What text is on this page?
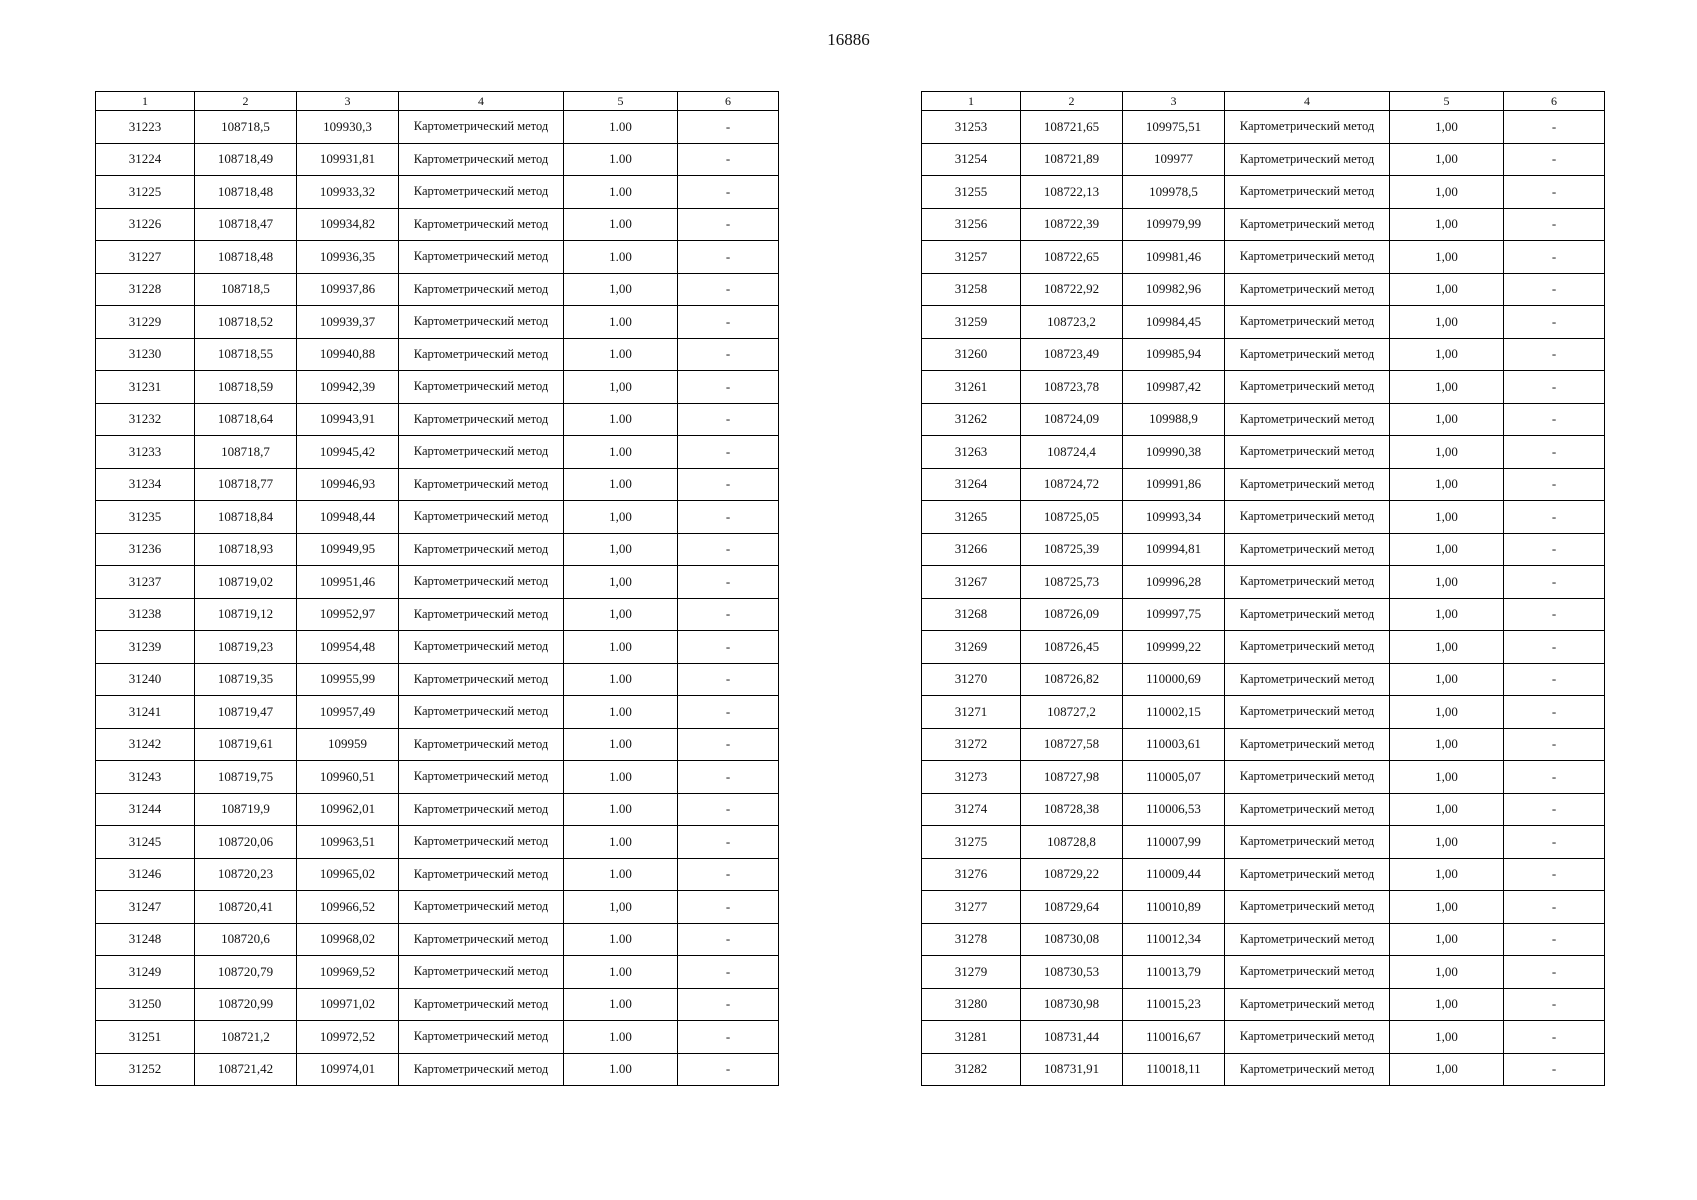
16886
1	2	3	4	5	6
31223	108718,5	109930,3	Картометрический метод	1.00	-
31224	108718,49	109931,81	Картометрический метод	1.00	-
31225	108718,48	109933,32	Картометрический метод	1.00	-
31226	108718,47	109934,82	Картометрический метод	1.00	-
31227	108718,48	109936,35	Картометрический метод	1.00	-
31228	108718,5	109937,86	Картометрический метод	1,00	-
31229	108718,52	109939,37	Картометрический метод	1.00	-
31230	108718,55	109940,88	Картометрический метод	1.00	-
31231	108718,59	109942,39	Картометрический метод	1,00	-
31232	108718,64	109943,91	Картометрический метод	1.00	-
31233	108718,7	109945,42	Картометрический метод	1.00	-
31234	108718,77	109946,93	Картометрический метод	1.00	-
31235	108718,84	109948,44	Картометрический метод	1,00	-
31236	108718,93	109949,95	Картометрический метод	1,00	-
31237	108719,02	109951,46	Картометрический метод	1,00	-
31238	108719,12	109952,97	Картометрический метод	1,00	-
31239	108719,23	109954,48	Картометрический метод	1.00	-
31240	108719,35	109955,99	Картометрический метод	1.00	-
31241	108719,47	109957,49	Картометрический метод	1.00	-
31242	108719,61	109959	Картометрический метод	1.00	-
31243	108719,75	109960,51	Картометрический метод	1.00	-
31244	108719,9	109962,01	Картометрический метод	1.00	-
31245	108720,06	109963,51	Картометрический метод	1.00	-
31246	108720,23	109965,02	Картометрический метод	1.00	-
31247	108720,41	109966,52	Картометрический метод	1,00	-
31248	108720,6	109968,02	Картометрический метод	1.00	-
31249	108720,79	109969,52	Картометрический метод	1.00	-
31250	108720,99	109971,02	Картометрический метод	1.00	-
31251	108721,2	109972,52	Картометрический метод	1.00	-
31252	108721,42	109974,01	Картометрический метод	1.00	-
1	2	3	4	5	6
31253	108721,65	109975,51	Картометрический метод	1,00	-
31254	108721,89	109977	Картометрический метод	1,00	-
31255	108722,13	109978,5	Картометрический метод	1,00	-
31256	108722,39	109979,99	Картометрический метод	1,00	-
31257	108722,65	109981,46	Картометрический метод	1,00	-
31258	108722,92	109982,96	Картометрический метод	1,00	-
31259	108723,2	109984,45	Картометрический метод	1,00	-
31260	108723,49	109985,94	Картометрический метод	1,00	-
31261	108723,78	109987,42	Картометрический метод	1,00	-
31262	108724,09	109988,9	Картометрический метод	1,00	-
31263	108724,4	109990,38	Картометрический метод	1,00	-
31264	108724,72	109991,86	Картометрический метод	1,00	-
31265	108725,05	109993,34	Картометрический метод	1,00	-
31266	108725,39	109994,81	Картометрический метод	1,00	-
31267	108725,73	109996,28	Картометрический метод	1,00	-
31268	108726,09	109997,75	Картометрический метод	1,00	-
31269	108726,45	109999,22	Картометрический метод	1,00	-
31270	108726,82	110000,69	Картометрический метод	1,00	-
31271	108727,2	110002,15	Картометрический метод	1,00	-
31272	108727,58	110003,61	Картометрический метод	1,00	-
31273	108727,98	110005,07	Картометрический метод	1,00	-
31274	108728,38	110006,53	Картометрический метод	1,00	-
31275	108728,8	110007,99	Картометрический метод	1,00	-
31276	108729,22	110009,44	Картометрический метод	1,00	-
31277	108729,64	110010,89	Картометрический метод	1,00	-
31278	108730,08	110012,34	Картометрический метод	1,00	-
31279	108730,53	110013,79	Картометрический метод	1,00	-
31280	108730,98	110015,23	Картометрический метод	1,00	-
31281	108731,44	110016,67	Картометрический метод	1,00	-
31282	108731,91	110018,11	Картометрический метод	1,00	-
